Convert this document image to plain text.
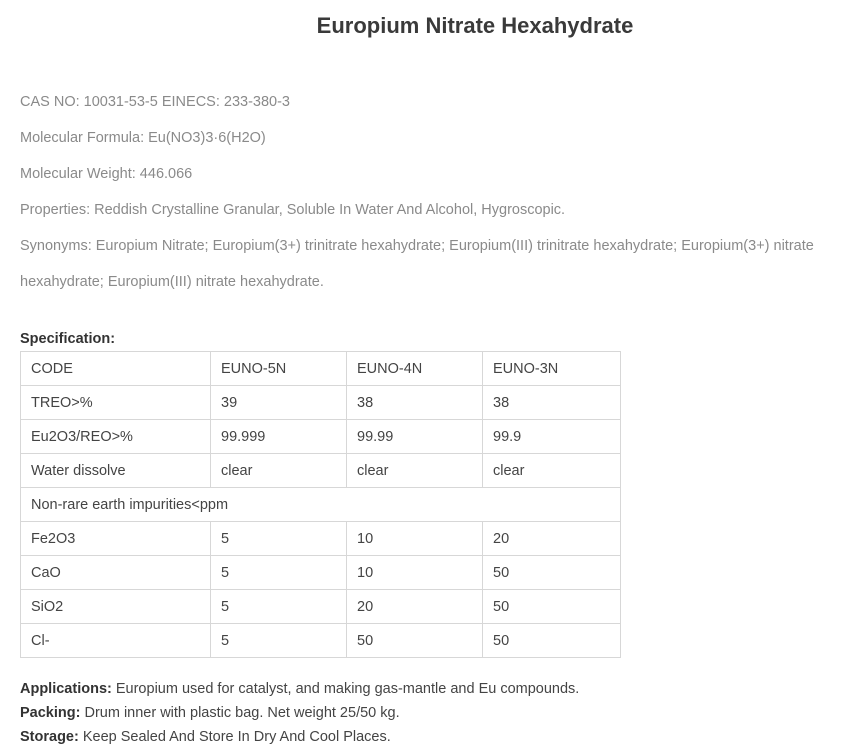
Europium Nitrate Hexahydrate
CAS NO: 10031-53-5 EINECS: 233-380-3
Molecular Formula: Eu(NO3)3·6(H2O)
Molecular Weight: 446.066
Properties: Reddish Crystalline Granular, Soluble In Water And Alcohol, Hygroscopic.
Synonyms: Europium Nitrate; Europium(3+) trinitrate hexahydrate; Europium(III) trinitrate hexahydrate; Europium(3+) nitrate hexahydrate; Europium(III) nitrate hexahydrate.
Specification:
CODE	EUNO-5N	EUNO-4N	EUNO-3N
TREO>%	39	38	38
Eu2O3/REO>%	99.999	99.99	99.9
Water dissolve	clear	clear	clear
Non-rare earth impurities<ppm			
Fe2O3	5	10	20
CaO	5	10	50
SiO2	5	20	50
Cl-	5	50	50
Applications: Europium used for catalyst, and making gas-mantle and Eu compounds.
Packing: Drum inner with plastic bag. Net weight 25/50 kg.
Storage: Keep Sealed And Store In Dry And Cool Places.
